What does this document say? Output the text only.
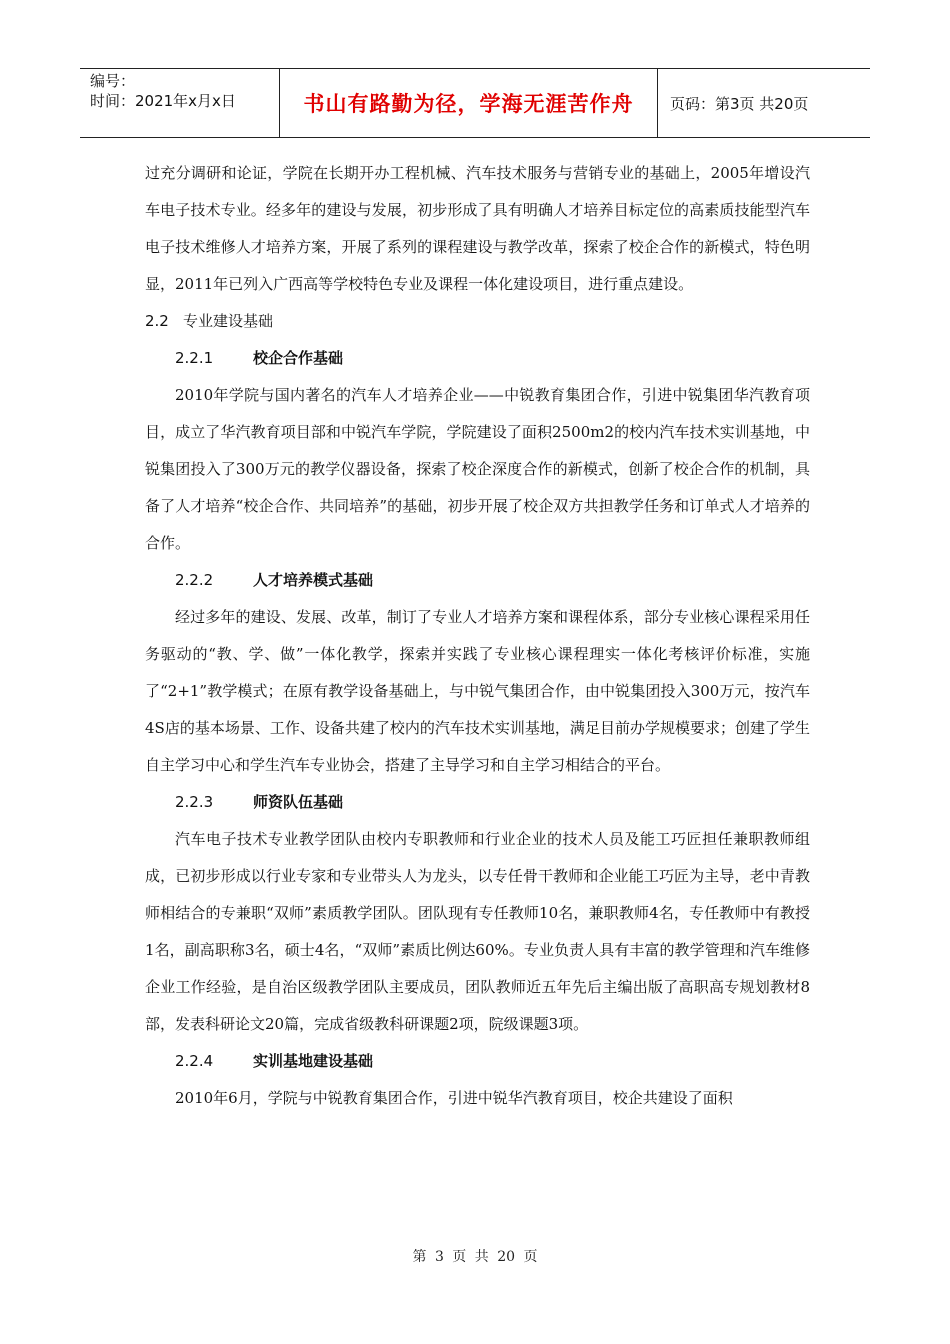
编号：
时间：2021年x月x日	书山有路勤为径，学海无涯苦作舟	页码：第3页 共20页

过充分调研和论证，学院在长期开办工程机械、汽车技术服务与营销专业的基础上，2005年增设汽车电子技术专业。经多年的建设与发展，初步形成了具有明确人才培养目标定位的高素质技能型汽车电子技术维修人才培养方案，开展了系列的课程建设与教学改革，探索了校企合作的新模式，特色明显，2011年已列入广西高等学校特色专业及课程一体化建设项目，进行重点建设。

2.2 专业建设基础
2.2.1	校企合作基础

2010年学院与国内著名的汽车人才培养企业——中锐教育集团合作，引进中锐集团华汽教育项目，成立了华汽教育项目部和中锐汽车学院，学院建设了面积2500m2的校内汽车技术实训基地，中锐集团投入了300万元的教学仪器设备，探索了校企深度合作的新模式，创新了校企合作的机制，具备了人才培养“校企合作、共同培养”的基础，初步开展了校企双方共担教学任务和订单式人才培养的合作。

2.2.2	人才培养模式基础

经过多年的建设、发展、改革，制订了专业人才培养方案和课程体系，部分专业核心课程采用任务驱动的“教、学、做”一体化教学，探索并实践了专业核心课程理实一体化考核评价标准，实施了“2+1”教学模式；在原有教学设备基础上，与中锐气集团合作，由中锐集团投入300万元，按汽车4S店的基本场景、工作、设备共建了校内的汽车技术实训基地，满足目前办学规模要求；创建了学生自主学习中心和学生汽车专业协会，搭建了主导学习和自主学习相结合的平台。

2.2.3	师资队伍基础

汽车电子技术专业教学团队由校内专职教师和行业企业的技术人员及能工巧匠担任兼职教师组成，已初步形成以行业专家和专业带头人为龙头，以专任骨干教师和企业能工巧匠为主导，老中青教师相结合的专兼职“双师”素质教学团队。团队现有专任教师10名，兼职教师4名，专任教师中有教授1名，副高职称3名，硕士4名，“双师”素质比例达60%。专业负责人具有丰富的教学管理和汽车维修企业工作经验，是自治区级教学团队主要成员，团队教师近五年先后主编出版了高职高专规划教材8部，发表科研论文20篇，完成省级教科研课题2项，院级课题3项。

2.2.4	实训基地建设基础

2010年6月，学院与中锐教育集团合作，引进中锐华汽教育项目，校企共建设了面积

第 3 页 共 20 页
